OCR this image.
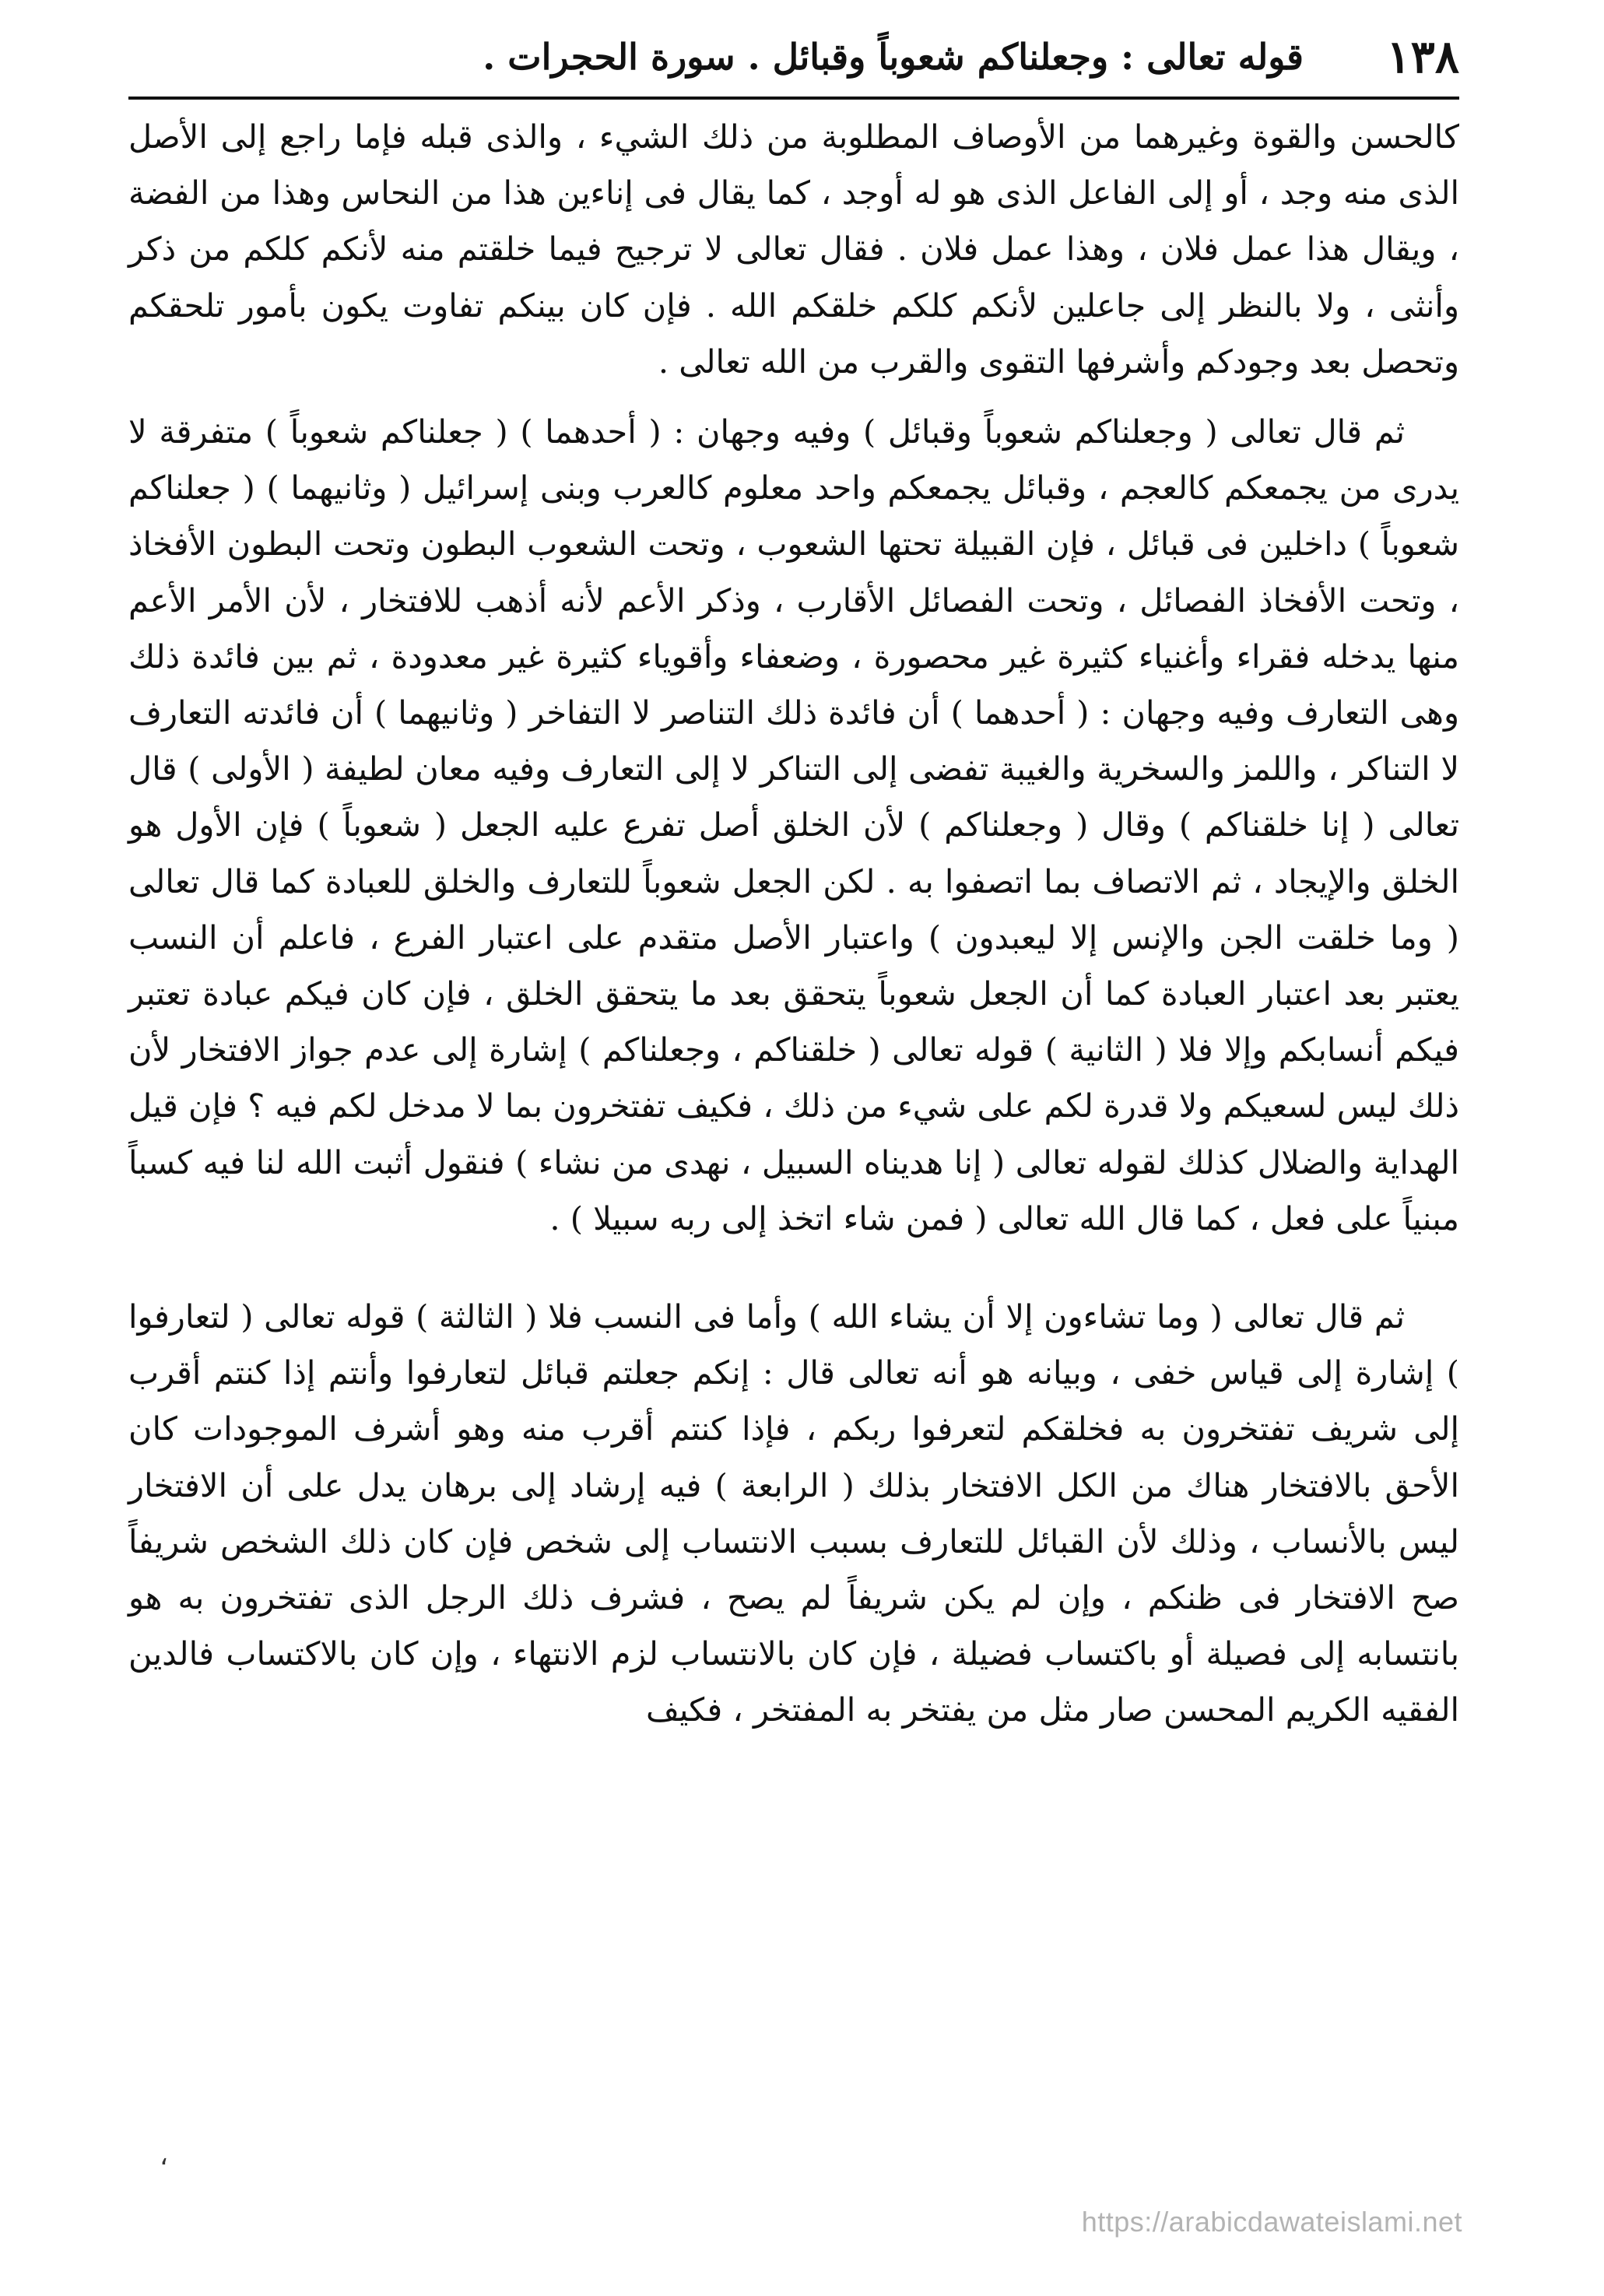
١٣٨
قوله تعالى : وجعلناكم شعوباً وقبائل . سورة الحجرات .

كالحسن والقوة وغيرهما من الأوصاف المطلوبة من ذلك الشيء ، والذى قبله فإما راجع إلى الأصل الذى منه وجد ، أو إلى الفاعل الذى هو له أوجد ، كما يقال فى إناءين هذا من النحاس وهذا من الفضة ، ويقال هذا عمل فلان ، وهذا عمل فلان . فقال تعالى لا ترجيح فيما خلقتم منه لأنكم كلكم من ذكر وأنثى ، ولا بالنظر إلى جاعلين لأنكم كلكم خلقكم الله . فإن كان بينكم تفاوت يكون بأمور تلحقكم وتحصل بعد وجودكم وأشرفها التقوى والقرب من الله تعالى .

ثم قال تعالى ( وجعلناكم شعوباً وقبائل ) وفيه وجهان : ( أحدهما ) ( جعلناكم شعوباً ) متفرقة لا يدرى من يجمعكم كالعجم ، وقبائل يجمعكم واحد معلوم كالعرب وبنى إسرائيل ( وثانيهما ) ( جعلناكم شعوباً ) داخلين فى قبائل ، فإن القبيلة تحتها الشعوب ، وتحت الشعوب البطون وتحت البطون الأفخاذ ، وتحت الأفخاذ الفصائل ، وتحت الفصائل الأقارب ، وذكر الأعم لأنه أذهب للافتخار ، لأن الأمر الأعم منها يدخله فقراء وأغنياء كثيرة غير محصورة ، وضعفاء وأقوياء كثيرة غير معدودة ، ثم بين فائدة ذلك وهى التعارف وفيه وجهان : ( أحدهما ) أن فائدة ذلك التناصر لا التفاخر ( وثانيهما ) أن فائدته التعارف لا التناكر ، واللمز والسخرية والغيبة تفضى إلى التناكر لا إلى التعارف وفيه معان لطيفة ( الأولى ) قال تعالى ( إنا خلقناكم ) وقال ( وجعلناكم ) لأن الخلق أصل تفرع عليه الجعل ( شعوباً ) فإن الأول هو الخلق والإيجاد ، ثم الاتصاف بما اتصفوا به . لكن الجعل شعوباً للتعارف والخلق للعبادة كما قال تعالى ( وما خلقت الجن والإنس إلا ليعبدون ) واعتبار الأصل متقدم على اعتبار الفرع ، فاعلم أن النسب يعتبر بعد اعتبار العبادة كما أن الجعل شعوباً يتحقق بعد ما يتحقق الخلق ، فإن كان فيكم عبادة تعتبر فيكم أنسابكم وإلا فلا ( الثانية ) قوله تعالى ( خلقناكم ، وجعلناكم ) إشارة إلى عدم جواز الافتخار لأن ذلك ليس لسعيكم ولا قدرة لكم على شيء من ذلك ، فكيف تفتخرون بما لا مدخل لكم فيه ؟ فإن قيل الهداية والضلال كذلك لقوله تعالى ( إنا هديناه السبيل ، نهدى من نشاء ) فنقول أثبت الله لنا فيه كسباً مبنياً على فعل ، كما قال الله تعالى ( فمن شاء اتخذ إلى ربه سبيلا ) .

ثم قال تعالى ( وما تشاءون إلا أن يشاء الله ) وأما فى النسب فلا ( الثالثة ) قوله تعالى ( لتعارفوا ) إشارة إلى قياس خفى ، وبيانه هو أنه تعالى قال : إنكم جعلتم قبائل لتعارفوا وأنتم إذا كنتم أقرب إلى شريف تفتخرون به فخلقكم لتعرفوا ربكم ، فإذا كنتم أقرب منه وهو أشرف الموجودات كان الأحق بالافتخار هناك من الكل الافتخار بذلك ( الرابعة ) فيه إرشاد إلى برهان يدل على أن الافتخار ليس بالأنساب ، وذلك لأن القبائل للتعارف بسبب الانتساب إلى شخص فإن كان ذلك الشخص شريفاً صح الافتخار فى ظنكم ، وإن لم يكن شريفاً لم يصح ، فشرف ذلك الرجل الذى تفتخرون به هو بانتسابه إلى فصيلة أو باكتساب فضيلة ، فإن كان بالانتساب لزم الانتهاء ، وإن كان بالاكتساب فالدين الفقيه الكريم المحسن صار مثل من يفتخر به المفتخر ، فكيف

،
https://arabicdawateislami.net
